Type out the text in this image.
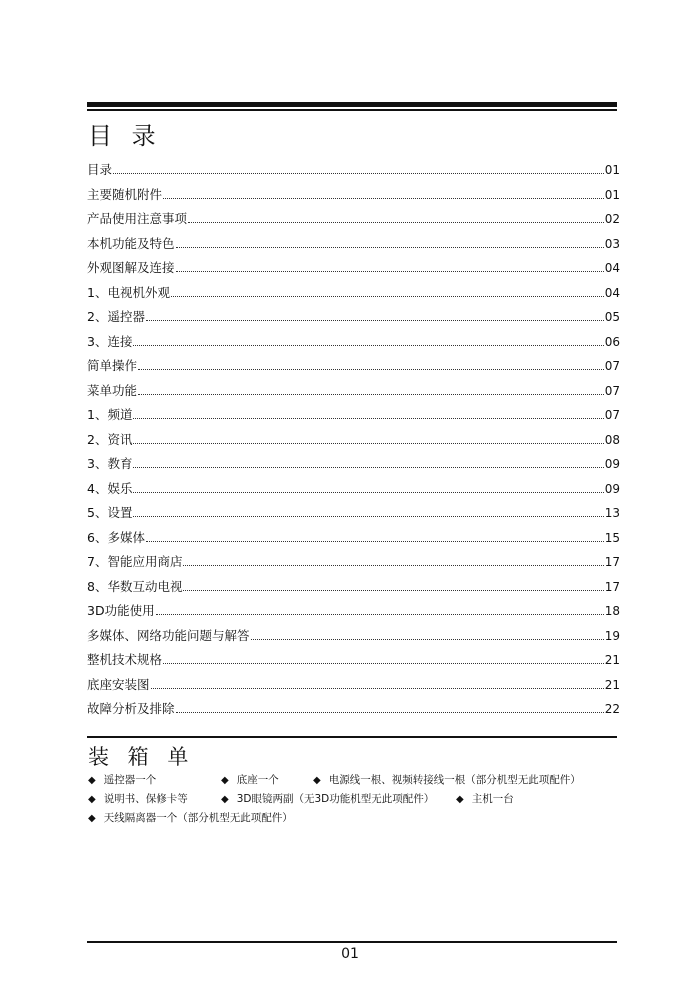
目 录
目录	01
主要随机附件	01
产品使用注意事项	02
本机功能及特色	03
外观图解及连接	04
1、电视机外观	04
2、遥控器	05
3、连接	06
简单操作	07
菜单功能	07
1、频道	07
2、资讯	08
3、教育	09
4、娱乐	09
5、设置	13
6、多媒体	15
7、智能应用商店	17
8、华数互动电视	17
3D功能使用	18
多媒体、网络功能问题与解答	19
整机技术规格	21
底座安装图	21
故障分析及排除	22
装 箱 单
◆ 遥控器一个	◆ 底座一个	◆ 电源线一根、视频转接线一根（部分机型无此项配件）
◆ 说明书、保修卡等	◆ 3D眼镜两副（无3D功能机型无此项配件） ◆ 主机一台
◆ 天线隔离器一个（部分机型无此项配件）
01
